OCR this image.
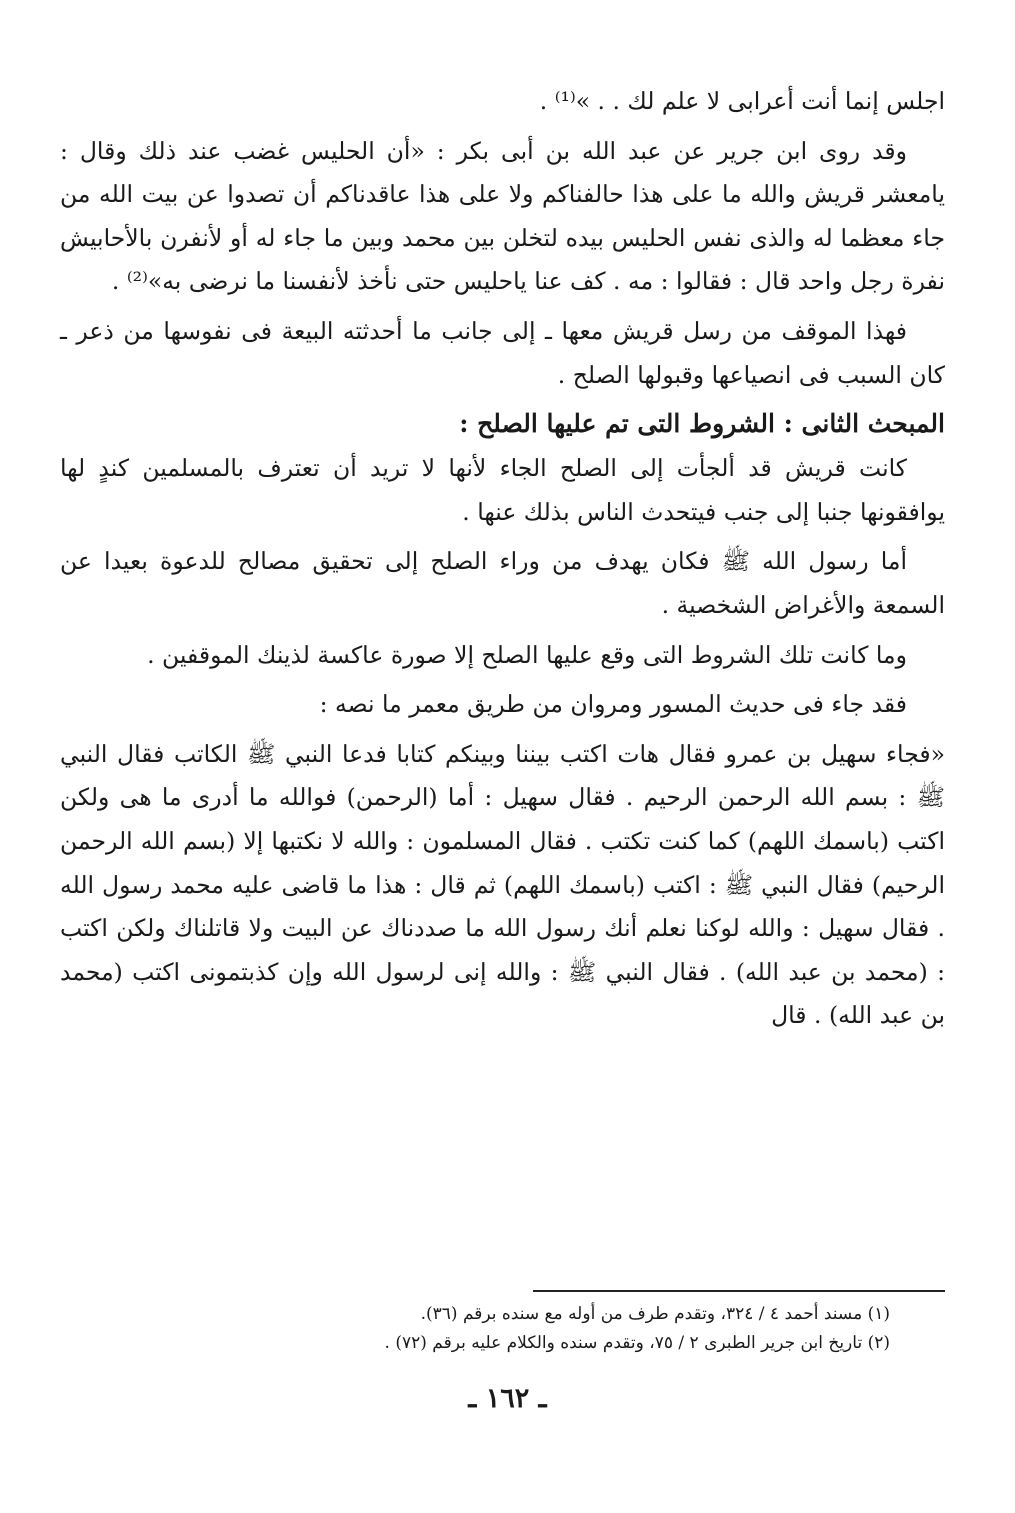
اجلس إنما أنت أعرابى لا علم لك . . »⁽¹⁾ .

وقد روى ابن جرير عن عبد الله بن أبى بكر : «أن الحليس غضب عند ذلك وقال : يامعشر قريش والله ما على هذا حالفناكم ولا على هذا عاقدناكم أن تصدوا عن بيت الله من جاء معظما له والذى نفس الحليس بيده لتخلن بين محمد وبين ما جاء له أو لأنفرن بالأحابيش نفرة رجل واحد قال : فقالوا : مه . كف عنا ياحليس حتى نأخذ لأنفسنا ما نرضى به»⁽²⁾ .

فهذا الموقف من رسل قريش معها ـ إلى جانب ما أحدثته البيعة فى نفوسها من ذعر ـ كان السبب فى انصياعها وقبولها الصلح .

المبحث الثانى : الشروط التى تم عليها الصلح :

كانت قريش قد ألجأت إلى الصلح الجاء لأنها لا تريد أن تعترف بالمسلمين كندٍ لها يوافقونها جنبا إلى جنب فيتحدث الناس بذلك عنها .

أما رسول الله ﷺ فكان يهدف من وراء الصلح إلى تحقيق مصالح للدعوة بعيدا عن السمعة والأغراض الشخصية .

وما كانت تلك الشروط التى وقع عليها الصلح إلا صورة عاكسة لذينك الموقفين .

فقد جاء فى حديث المسور ومروان من طريق معمر ما نصه :

«فجاء سهيل بن عمرو فقال هات اكتب بيننا وبينكم كتابا فدعا النبي ﷺ الكاتب فقال النبي ﷺ : بسم الله الرحمن الرحيم . فقال سهيل : أما (الرحمن) فوالله ما أدرى ما هى ولكن اكتب (باسمك اللهم) كما كنت تكتب . فقال المسلمون : والله لا نكتبها إلا (بسم الله الرحمن الرحيم) فقال النبي ﷺ : اكتب (باسمك اللهم) ثم قال : هذا ما قاضى عليه محمد رسول الله . فقال سهيل : والله لوكنا نعلم أنك رسول الله ما صددناك عن البيت ولا قاتلناك ولكن اكتب : (محمد بن عبد الله) . فقال النبي ﷺ : والله إنى لرسول الله وإن كذبتمونى اكتب (محمد بن عبد الله) . قال

(١) مسند أحمد ٤ / ٣٢٤، وتقدم طرف من أوله مع سنده برقم (٣٦).

(٢) تاريخ ابن جرير الطبرى ٢ / ٧٥، وتقدم سنده والكلام عليه برقم (٧٢) .

ـ ١٦٢ ـ
